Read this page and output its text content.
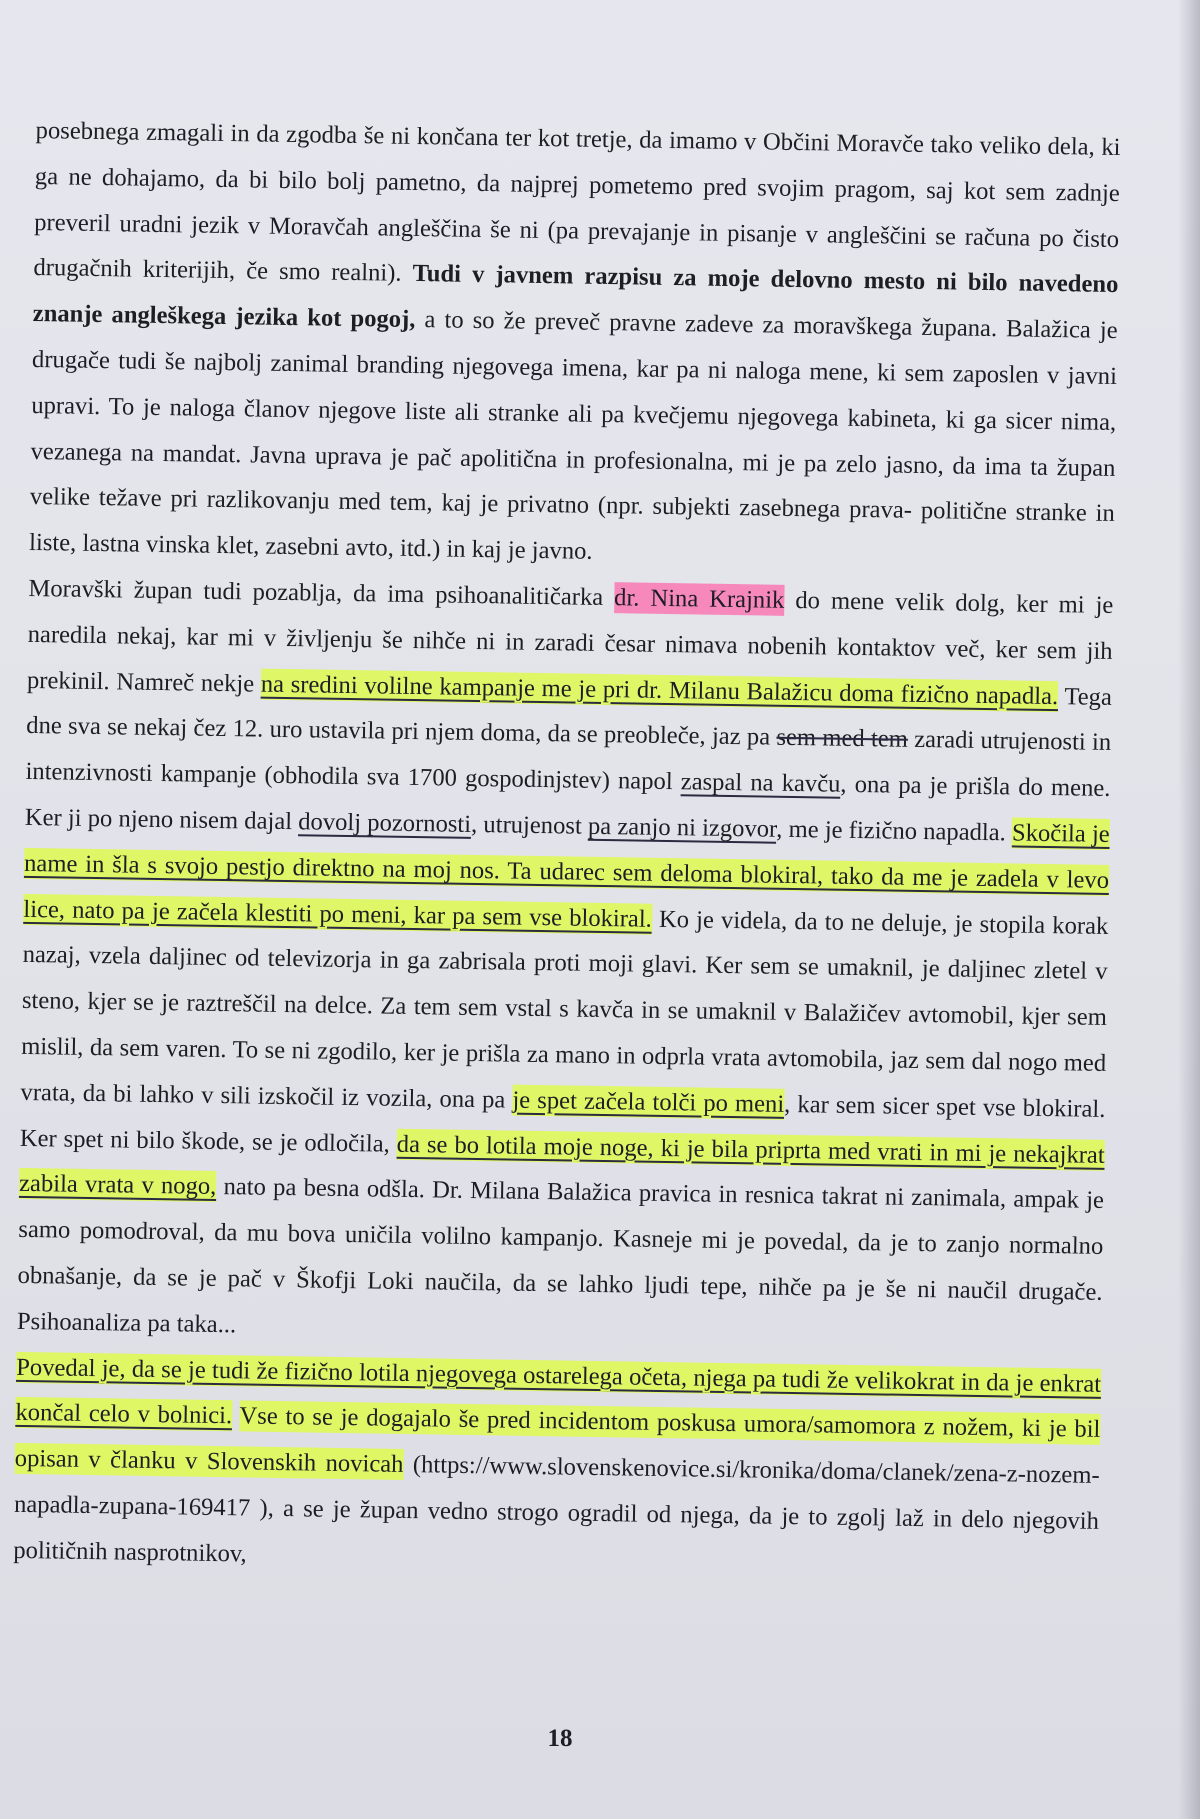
posebnega zmagali in da zgodba še ni končana ter kot tretje, da imamo v Občini Moravče tako veliko dela, ki ga ne dohajamo, da bi bilo bolj pametno, da najprej pometemo pred svojim pragom, saj kot sem zadnje preveril uradni jezik v Moravčah angleščina še ni (pa prevajanje in pisanje v angleščini se računa po čisto drugačnih kriterijih, če smo realni). Tudi v javnem razpisu za moje delovno mesto ni bilo navedeno znanje angleškega jezika kot pogoj, a to so že preveč pravne zadeve za moravškega župana. Balažica je drugače tudi še najbolj zanimal branding njegovega imena, kar pa ni naloga mene, ki sem zaposlen v javni upravi. To je naloga članov njegove liste ali stranke ali pa kvečjemu njegovega kabineta, ki ga sicer nima, vezanega na mandat. Javna uprava je pač apolitična in profesionalna, mi je pa zelo jasno, da ima ta župan velike težave pri razlikovanju med tem, kaj je privatno (npr. subjekti zasebnega prava- politične stranke in liste, lastna vinska klet, zasebni avto, itd.) in kaj je javno.

Moravški župan tudi pozablja, da ima psihoanalitičarka dr. Nina Krajnik do mene velik dolg, ker mi je naredila nekaj, kar mi v življenju še nihče ni in zaradi česar nimava nobenih kontaktov več, ker sem jih prekinil. Namreč nekje na sredini volilne kampanje me je pri dr. Milanu Balažicu doma fizično napadla. Tega dne sva se nekaj čez 12. uro ustavila pri njem doma, da se preobleče, jaz pa sem med tem zaradi utrujenosti in intenzivnosti kampanje (obhodila sva 1700 gospodinjstev) napol zaspal na kavču, ona pa je prišla do mene. Ker ji po njeno nisem dajal dovolj pozornosti, utrujenost pa zanjo ni izgovor, me je fizično napadla. Skočila je name in šla s svojo pestjo direktno na moj nos. Ta udarec sem deloma blokiral, tako da me je zadela v levo lice, nato pa je začela klestiti po meni, kar pa sem vse blokiral. Ko je videla, da to ne deluje, je stopila korak nazaj, vzela daljinec od televizorja in ga zabrisala proti moji glavi. Ker sem se umaknil, je daljinec zletel v steno, kjer se je raztreščil na delce. Za tem sem vstal s kavča in se umaknil v Balažičev avtomobil, kjer sem mislil, da sem varen. To se ni zgodilo, ker je prišla za mano in odprla vrata avtomobila, jaz sem dal nogo med vrata, da bi lahko v sili izskočil iz vozila, ona pa je spet začela tolči po meni, kar sem sicer spet vse blokiral. Ker spet ni bilo škode, se je odločila, da se bo lotila moje noge, ki je bila priprta med vrati in mi je nekajkrat zabila vrata v nogo, nato pa besna odšla. Dr. Milana Balažica pravica in resnica takrat ni zanimala, ampak je samo pomodroval, da mu bova uničila volilno kampanjo. Kasneje mi je povedal, da je to zanjo normalno obnašanje, da se je pač v Škofji Loki naučila, da se lahko ljudi tepe, nihče pa je še ni naučil drugače. Psihoanaliza pa taka...

Povedal je, da se je tudi že fizično lotila njegovega ostarelega očeta, njega pa tudi že velikokrat in da je enkrat končal celo v bolnici. Vse to se je dogajalo še pred incidentom poskusa umora/samomora z nožem, ki je bil opisan v članku v Slovenskih novicah (https://www.slovenskenovice.si/kronika/doma/clanek/zena-z-nozem-napadla-zupana-169417 ), a se je župan vedno strogo ogradil od njega, da je to zgolj laž in delo njegovih političnih nasprotnikov,

18
